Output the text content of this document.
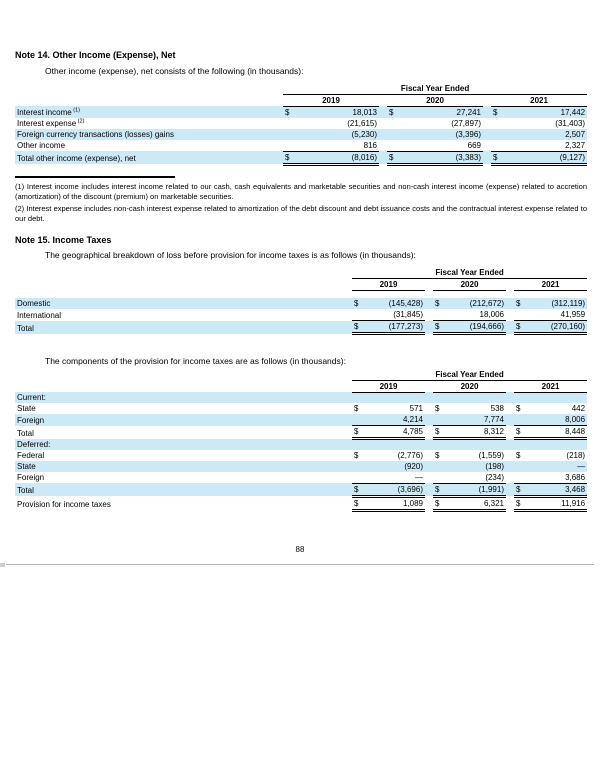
Note 14. Other Income (Expense), Net
Other income (expense), net consists of the following (in thousands):
	Fiscal Year Ended							
	2019			2020			2021	
Interest income $^{(1)}$	$	18,013		$	27,241		$	17,442
Interest expense $^{(2)}$		(21,615)			(27,897)			(31,403)
Foreign currency transactions (losses) gains		(5,230)			(3,396)			2,507
Other income		816			669			2,327
Total other income (expense), net	$	(8,016)		$	(3,383)		$	(9,127)
(1) Interest income includes interest income related to our cash, cash equivalents and marketable securities and non-cash interest income (expense) related to accretion (amortization) of the discount (premium) on marketable securities.
(2) Interest expense includes non-cash interest expense related to amortization of the debt discount and debt issuance costs and the contractual interest expense related to our debt.
Note 15. Income Taxes
The geographical breakdown of loss before provision for income taxes is as follows (in thousands):
	Fiscal Year Ended							
	2019			2020			2021	

Domestic	$	(145,428)		$	(212,672)		$	(312,119)
International		(31,845)			18,006			41,959
Total	$	(177,273)		$	(194,666)		$	(270,160)
The components of the provision for income taxes are as follows (in thousands):
	Fiscal Year Ended							
	2019			2020			2021	
Current:								
State	$	571		$	538		$	442
Foreign		4,214			7,774			8,006
Total	$	4,785		$	8,312		$	8,448
Deferred:								
Federal	$	(2,776)		$	(1,559)		$	(218)
State		(920)			(198)			—
Foreign		—			(234)			3,686
Total	$	(3,696)		$	(1,991)		$	3,468
Provision for income taxes	$	1,089		$	6,321		$	11,916
88
